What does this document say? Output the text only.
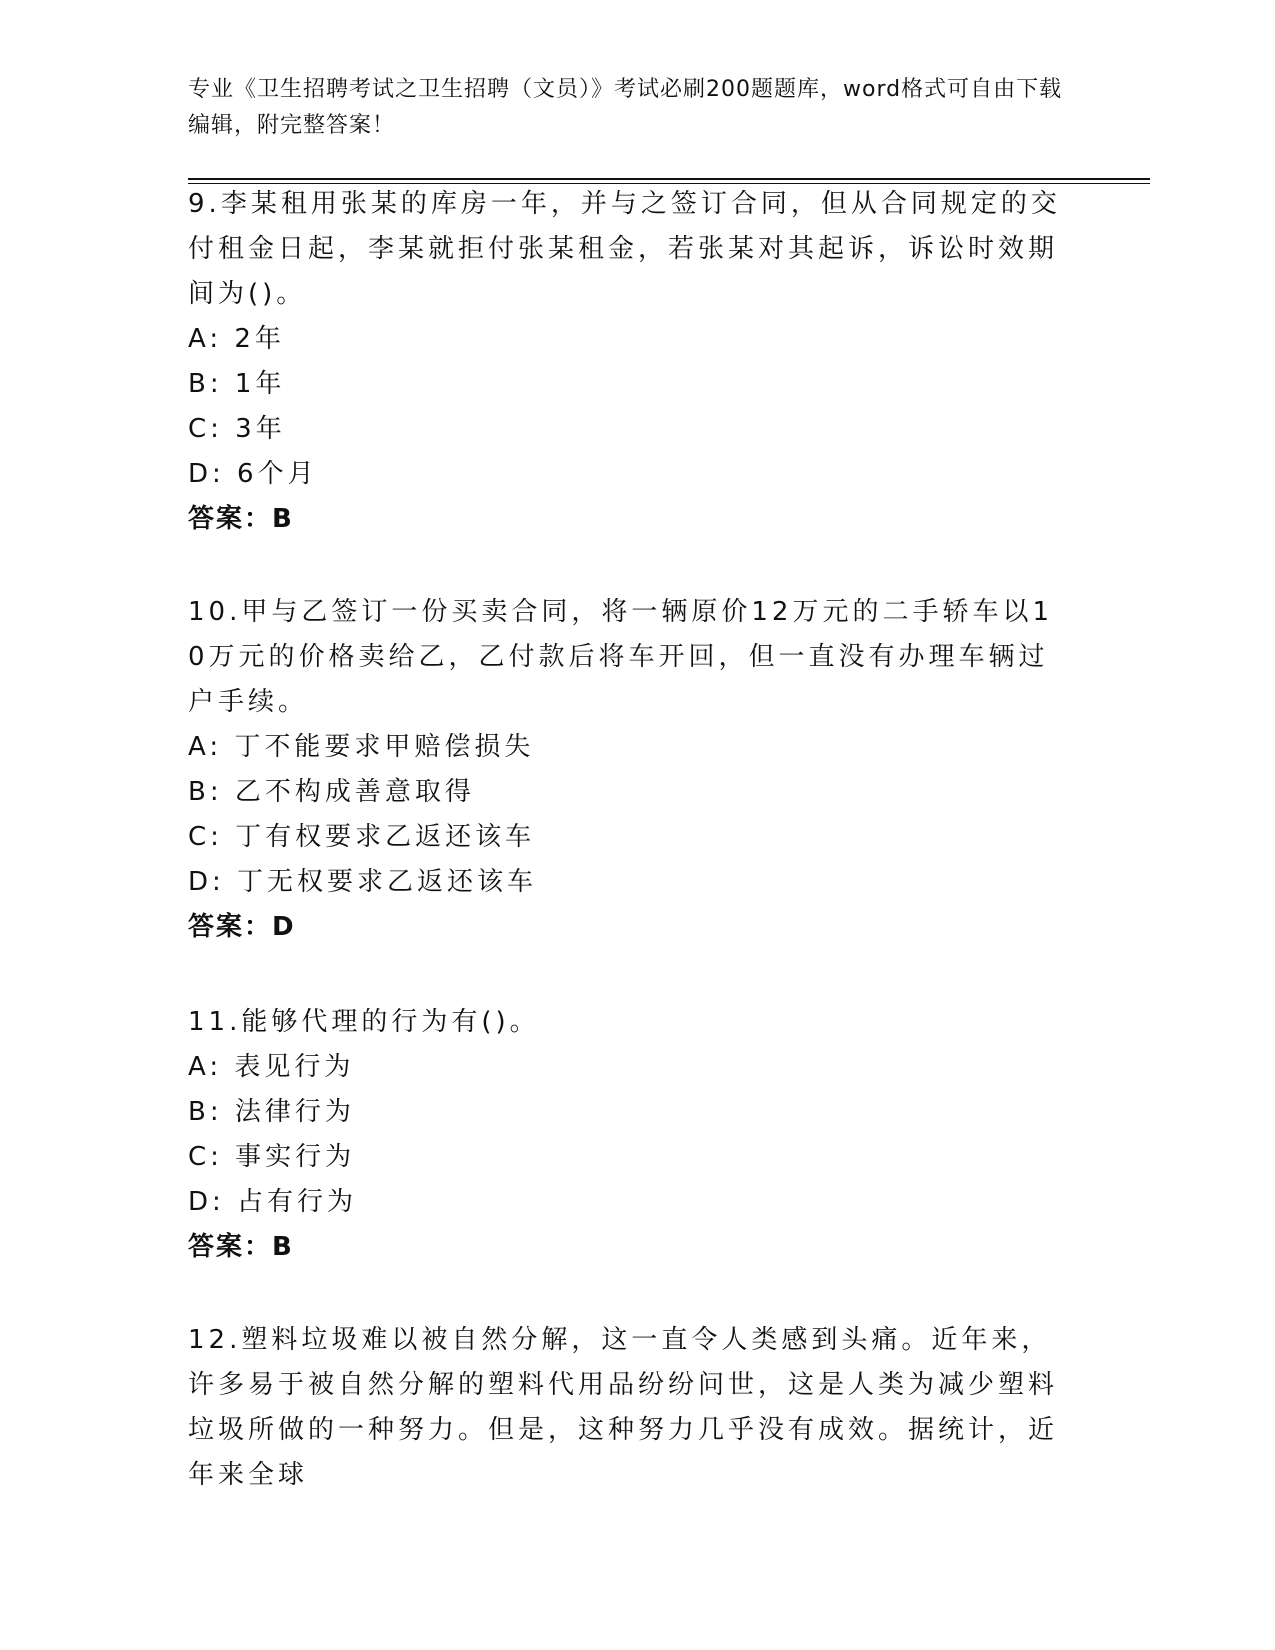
专业《卫生招聘考试之卫生招聘（文员）》考试必刷200题题库，word格式可自由下载编辑，附完整答案！
9.李某租用张某的库房一年，并与之签订合同，但从合同规定的交付租金日起，李某就拒付张某租金，若张某对其起诉，诉讼时效期间为()。
A: 2年
B: 1年
C: 3年
D: 6个月
答案：B
10.甲与乙签订一份买卖合同，将一辆原价12万元的二手轿车以10万元的价格卖给乙，乙付款后将车开回，但一直没有办理车辆过户手续。
A: 丁不能要求甲赔偿损失
B: 乙不构成善意取得
C: 丁有权要求乙返还该车
D: 丁无权要求乙返还该车
答案：D
11.能够代理的行为有()。
A: 表见行为
B: 法律行为
C: 事实行为
D: 占有行为
答案：B
12.塑料垃圾难以被自然分解，这一直令人类感到头痛。近年来，许多易于被自然分解的塑料代用品纷纷问世，这是人类为减少塑料垃圾所做的一种努力。但是，这种努力几乎没有成效。据统计，近年来全球
